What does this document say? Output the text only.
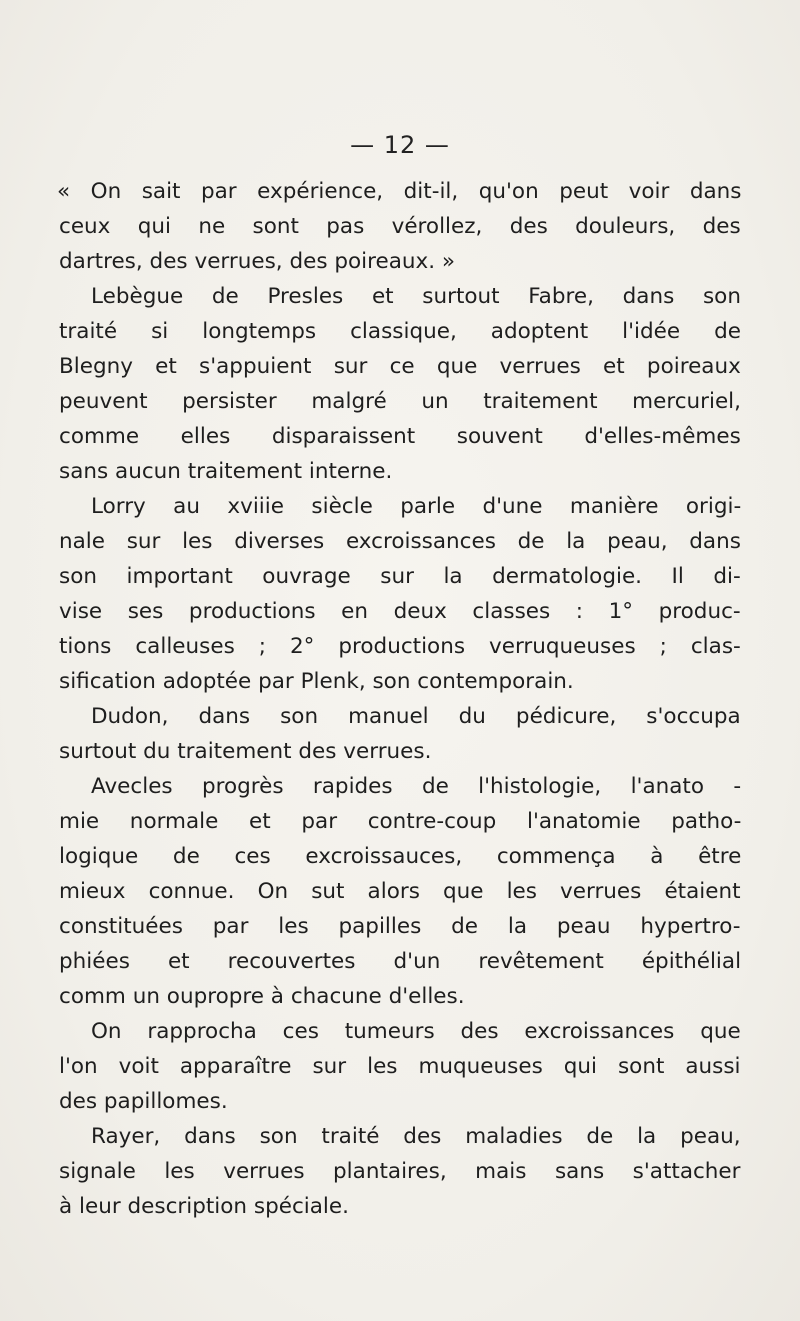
— 12 —
« On sait par expérience, dit-il, qu'on peut voir dans
ceux qui ne sont pas vérollez, des douleurs, des
dartres, des verrues, des poireaux. »
Lebègue de Presles et surtout Fabre, dans son
traité si longtemps classique, adoptent l'idée de
Blegny et s'appuient sur ce que verrues et poireaux
peuvent persister malgré un traitement mercuriel,
comme elles disparaissent souvent d'elles-mêmes
sans aucun traitement interne.
Lorry au xviiie siècle parle d'une manière origi-
nale sur les diverses excroissances de la peau, dans
son important ouvrage sur la dermatologie. Il di-
vise ses productions en deux classes : 1° produc-
tions calleuses ; 2° productions verruqueuses ; clas-
sification adoptée par Plenk, son contemporain.
Dudon, dans son manuel du pédicure, s'occupa
surtout du traitement des verrues.
Avecles progrès rapides de l'histologie, l'anato -
mie normale et par contre-coup l'anatomie patho-
logique de ces excroissauces, commença à être
mieux connue. On sut alors que les verrues étaient
constituées par les papilles de la peau hypertro-
phiées et recouvertes d'un revêtement épithélial
comm un oupropre à chacune d'elles.
On rapprocha ces tumeurs des excroissances que
l'on voit apparaître sur les muqueuses qui sont aussi
des papillomes.
Rayer, dans son traité des maladies de la peau,
signale les verrues plantaires, mais sans s'attacher
à leur description spéciale.
